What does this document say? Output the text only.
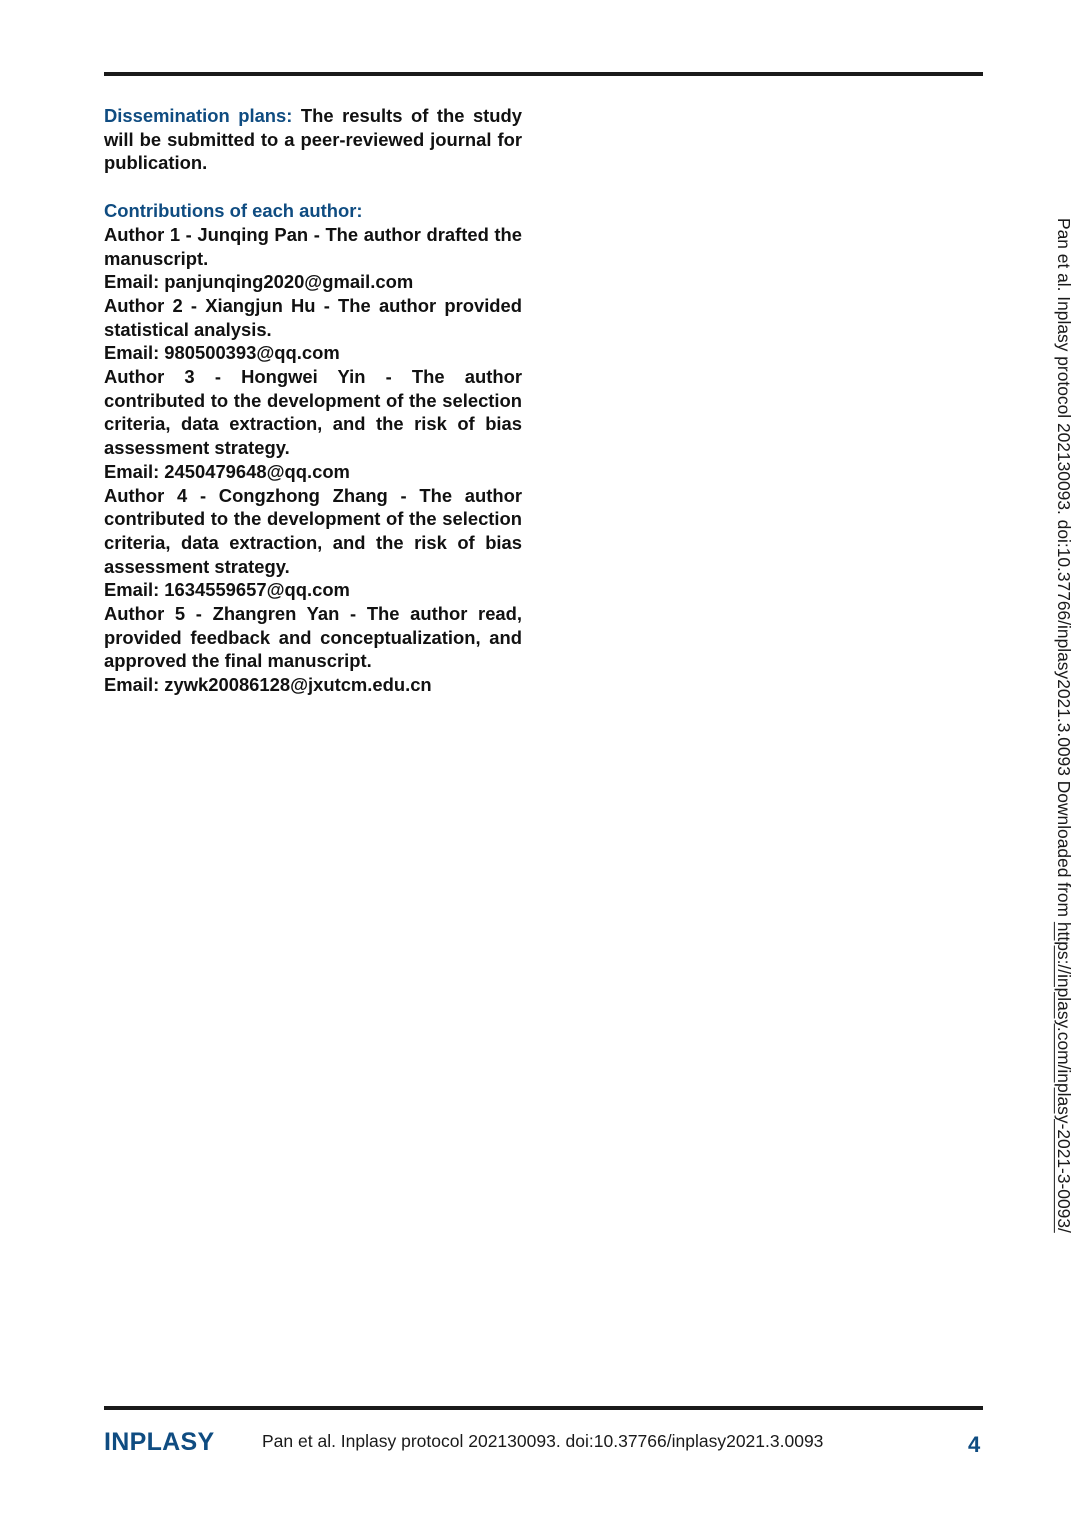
Dissemination plans: The results of the study will be submitted to a peer-reviewed journal for publication.

Contributions of each author:

Author 1 - Junqing Pan - The author drafted the manuscript.

Email: panjunqing2020@gmail.com

Author 2 - Xiangjun Hu - The author provided statistical analysis.

Email: 980500393@qq.com

Author 3 - Hongwei Yin - The author contributed to the development of the selection criteria, data extraction, and the risk of bias assessment strategy.

Email: 2450479648@qq.com

Author 4 - Congzhong Zhang - The author contributed to the development of the selection criteria, data extraction, and the risk of bias assessment strategy.

Email: 1634559657@qq.com

Author 5 - Zhangren Yan - The author read, provided feedback and conceptualization, and approved the final manuscript.

Email: zywk20086128@jxutcm.edu.cn	Pan et al. Inplasy protocol 202130093. doi:10.37766/inplasy2021.3.0093 Downloaded from https://inplasy.com/inplasy-2021-3-0093/
INPLASY	Pan et al. Inplasy protocol 202130093. doi:10.37766/inplasy2021.3.0093	4
